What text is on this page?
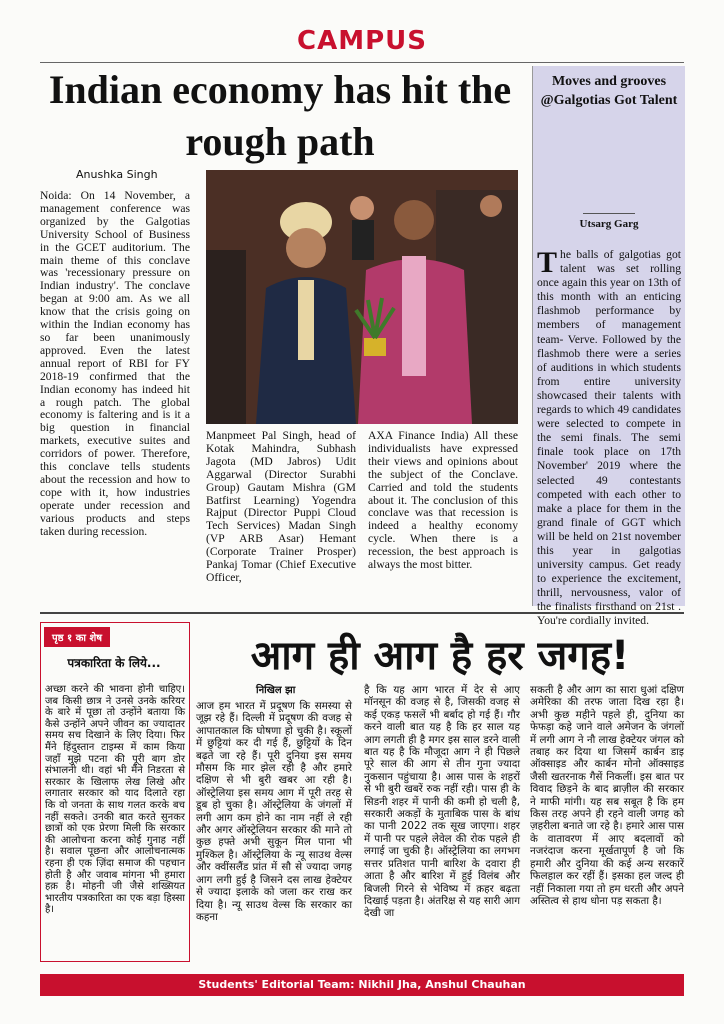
CAMPUS
Indian economy has hit the rough path
Anushka Singh

Noida: On 14 November, a management conference was organized by the Galgotias University School of Business in the GCET auditorium. The main theme of this conclave was 'recessionary pressure on Indian industry'. The conclave began at 9:00 am. As we all know that the crisis going on within the Indian economy has so far been unanimously approved. Even the latest annual report of RBI for FY 2018-19 confirmed that the Indian economy has indeed hit a rough patch. The global economy is faltering and is it a big question in financial markets, executive suites and corridors of power. Therefore, this conclave tells students about the recession and how to cope with it, how industries operate under recession and various products and steps taken during recession.

Manpmeet Pal Singh, head of Kotak Mahindra, Subhash Jagota (MD Jabros) Udit Aggarwal (Director Surabhi Group) Gautam Mishra (GM Batfirst Learning) Yogendra Rajput (Director Puppi Cloud Tech Services) Madan Singh (VP ARB Asar) Hemant (Corporate Trainer Prosper) Pankaj Tomar (Chief Executive Officer,

AXA Finance India) All these individualists have expressed their views and opinions about the subject of the Conclave. Carried and told the students about it. The conclusion of this conclave was that recession is indeed a healthy economy cycle. When there is a recession, the best approach is always the most bitter.

Moves and grooves @Galgotias Got Talent
Utsarg Garg
The balls of galgotias got talent was set rolling once again this year on 13th of this month with an enticing flashmob performance by members of management team- Verve. Followed by the flashmob there were a series of auditions in which students from entire university showcased their talents with regards to which 49 candidates were selected to compete in the semi finals. The semi finale took place on 17th November' 2019 where the selected 49 contestants competed with each other to make a place for them in the grand finale of GGT which will be held on 21st november this year in galgotias university campus. Get ready to experience the excitement, thrill, nervousness, valor of the finalists firsthand on 21st . You're cordially invited.
पृष्ठ १ का शेष
पत्रकारिता के लिये...
अच्छा करने की भावना होनी चाहिए। जब किसी छात्र ने उनसे उनके करियर के बारे में पूछा तो उन्होंने बताया कि कैसे उन्होंने अपने जीवन का ज्यादातर समय सच दिखाने के लिए दिया। फिर मैंने हिंदुस्तान टाइम्स में काम किया जहाँ मुझे पटना की पूरी बाग डोर संभालनी थी। वहां भी मैंने निडरता से सरकार के खिलाफ लेख लिखे और लगातार सरकार को याद दिलाते रहा कि वो जनता के साथ गलत करके बच नहीं सकते। उनकी बात करते सुनकर छात्रों को एक प्रेरणा मिली कि सरकार की आलोचना करना कोई गुनाह नहीं है। सवाल पूछना और आलोचनात्मक रहना ही एक ज़िंदा समाज की पहचान होती है और जवाब मांगना भी हमारा हक़ है। मोहनी जी जैसे शख्सियत भारतीय पत्रकारिता का एक बड़ा हिस्सा है।
आग ही आग है हर जगह!
निखिल झा
आज हम भारत में प्रदूषण कि समस्या से जूझ रहे हैं। दिल्ली में प्रदूषण की वजह से आपातकाल कि घोषणा हो चुकी है। स्कूलों में छुट्टियां कर दी गई हैं, छुट्टियों के दिन बढ़ते जा रहे हैं। पूरी दुनिया इस समय मौसम कि मार झेल रही है और हमारे दक्षिण से भी बुरी खबर आ रही है। ऑस्ट्रेलिया इस समय आग में पूरी तरह से डूब हो चुका है। ऑस्ट्रेलिया के जंगलों में लगी आग कम होने का नाम नहीं ले रही और अगर ऑस्ट्रेलियन सरकार की माने तो कुछ हफ्ते अभी सुकून मिल पाना भी मुश्किल है। ऑस्ट्रेलिया के न्यू साउथ वेल्स और क्वींसलैंड प्रांत में सौ से ज्यादा जगह आग लगी हुई है जिसने दस लाख हेक्टेयर से ज्यादा इलाके को जला कर राख कर दिया है। न्यू साउथ वेल्स कि सरकार का कहना
है कि यह आग भारत में देर से आए मॉनसून की वजह से है, जिसकी वजह से कई एकड़ फसलें भी बर्बाद हो गई हैं। गौर करने वाली बात यह है कि हर साल यह आग लगती ही है मगर इस साल डरने वाली बात यह है कि मौजूदा आग ने ही पिछले पूरे साल की आग से तीन गुना ज्यादा नुकसान पहुंचाया है। आस पास के शहरों से भी बुरी खबरें रुक नहीं रही। पास ही के सिडनी शहर में पानी की कमी हो चली है, सरकारी अकड़ों के मुताबिक पास के बांध का पानी 2022 तक सूख जाएगा। शहर में पानी पर पहले लेवेल की रोक पहले ही लगाई जा चुकी है। ऑस्ट्रेलिया का लगभग सत्तर प्रतिशत पानी बारिश के दवारा ही आता है और बारिश में हुई विलंब और बिजली गिरने से भेविष्य में क़हर बढ़ता दिखाई पड़ता है। अंतरिक्ष से यह सारी आग देखी जा
सकती है और आग का सारा धुआं दक्षिण अमेरिका की तरफ जाता दिख रहा है। अभी कुछ महीने पहले ही, दुनिया का फेफड़ा कहे जाने वाले अमेजन के जंगलों में लगी आग ने नौ लाख हेक्टेयर जंगल को तबाह कर दिया था जिसमें कार्बन डाइ ऑक्साइड और कार्बन मोनो ऑक्साइड जैसी खतरनाक गैसें निकलीं। इस बात पर विवाद छिड़ने के बाद ब्राज़ील की सरकार ने माफी मांगी। यह सब सबूत है कि हम किस तरह अपने ही रहने वाली जगह को ज़हरीला बनाते जा रहे है। हमारे आस पास के वातावरण में आए बदलावों को नजरंदाज करना मूर्खतापूर्ण है जो कि हमारी और दुनिया की कई अन्य सरकारें फिलहाल कर रहीं हैं। इसका हल जल्द ही नहीं निकाला गया तो हम धरती और अपने अस्तित्व से हाथ धोना पड़ सकता है।
Students' Editorial Team: Nikhil Jha, Anshul Chauhan
